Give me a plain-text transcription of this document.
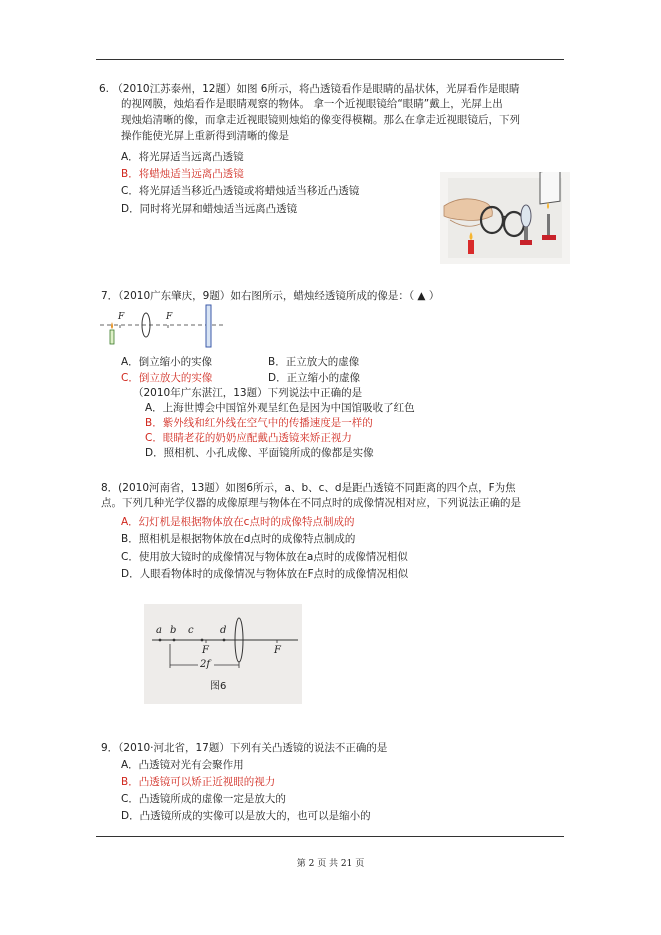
6. （2010江苏泰州，12题）如图 6所示，将凸透镜看作是眼睛的晶状体，光屏看作是眼睛
的视网膜，烛焰看作是眼睛观察的物体。 拿一个近视眼镜给“眼睛”戴上，光屏上出
现烛焰清晰的像，而拿走近视眼镜则烛焰的像变得模糊。那么在拿走近视眼镜后，下列
操作能使光屏上重新得到清晰的像是
A．将光屏适当远离凸透镜
B．将蜡烛适当远离凸透镜
C．将光屏适当移近凸透镜或将蜡烛适当移近凸透镜
D．同时将光屏和蜡烛适当远离凸透镜
7．（2010广东肇庆，9题）如右图所示，蜡烛经透镜所成的像是：（ ▲ ）
F	F
A．倒立缩小的实像	B．正立放大的虚像
C．倒立放大的实像	D．正立缩小的虚像
（2010年广东湛江，13题）下列说法中正确的是
A．上海世博会中国馆外观呈红色是因为中国馆吸收了红色
B．紫外线和红外线在空气中的传播速度是一样的
C．眼睛老花的奶奶应配戴凸透镜来矫正视力
D．照相机、小孔成像、平面镜所成的像都是实像
8．(2010河南省，13题）如图6所示，a、b、c、d是距凸透镜不同距离的四个点，F为焦
点。下列几种光学仪器的成像原理与物体在不同点时的成像情况相对应，下列说法正确的是
A．幻灯机是根据物体放在c点时的成像特点制成的
B．照相机是根据物体放在d点时的成像特点制成的
C．使用放大镜时的成像情况与物体放在a点时的成像情况相似
D．人眼看物体时的成像情况与物体放在F点时的成像情况相似
a b c	d
F	F
2f
图6
9．（2010·河北省，17题）下列有关凸透镜的说法不正确的是
A．凸透镜对光有会聚作用
B．凸透镜可以矫正近视眼的视力
C．凸透镜所成的虚像一定是放大的
D．凸透镜所成的实像可以是放大的，也可以是缩小的
第 2 页 共 21 页
